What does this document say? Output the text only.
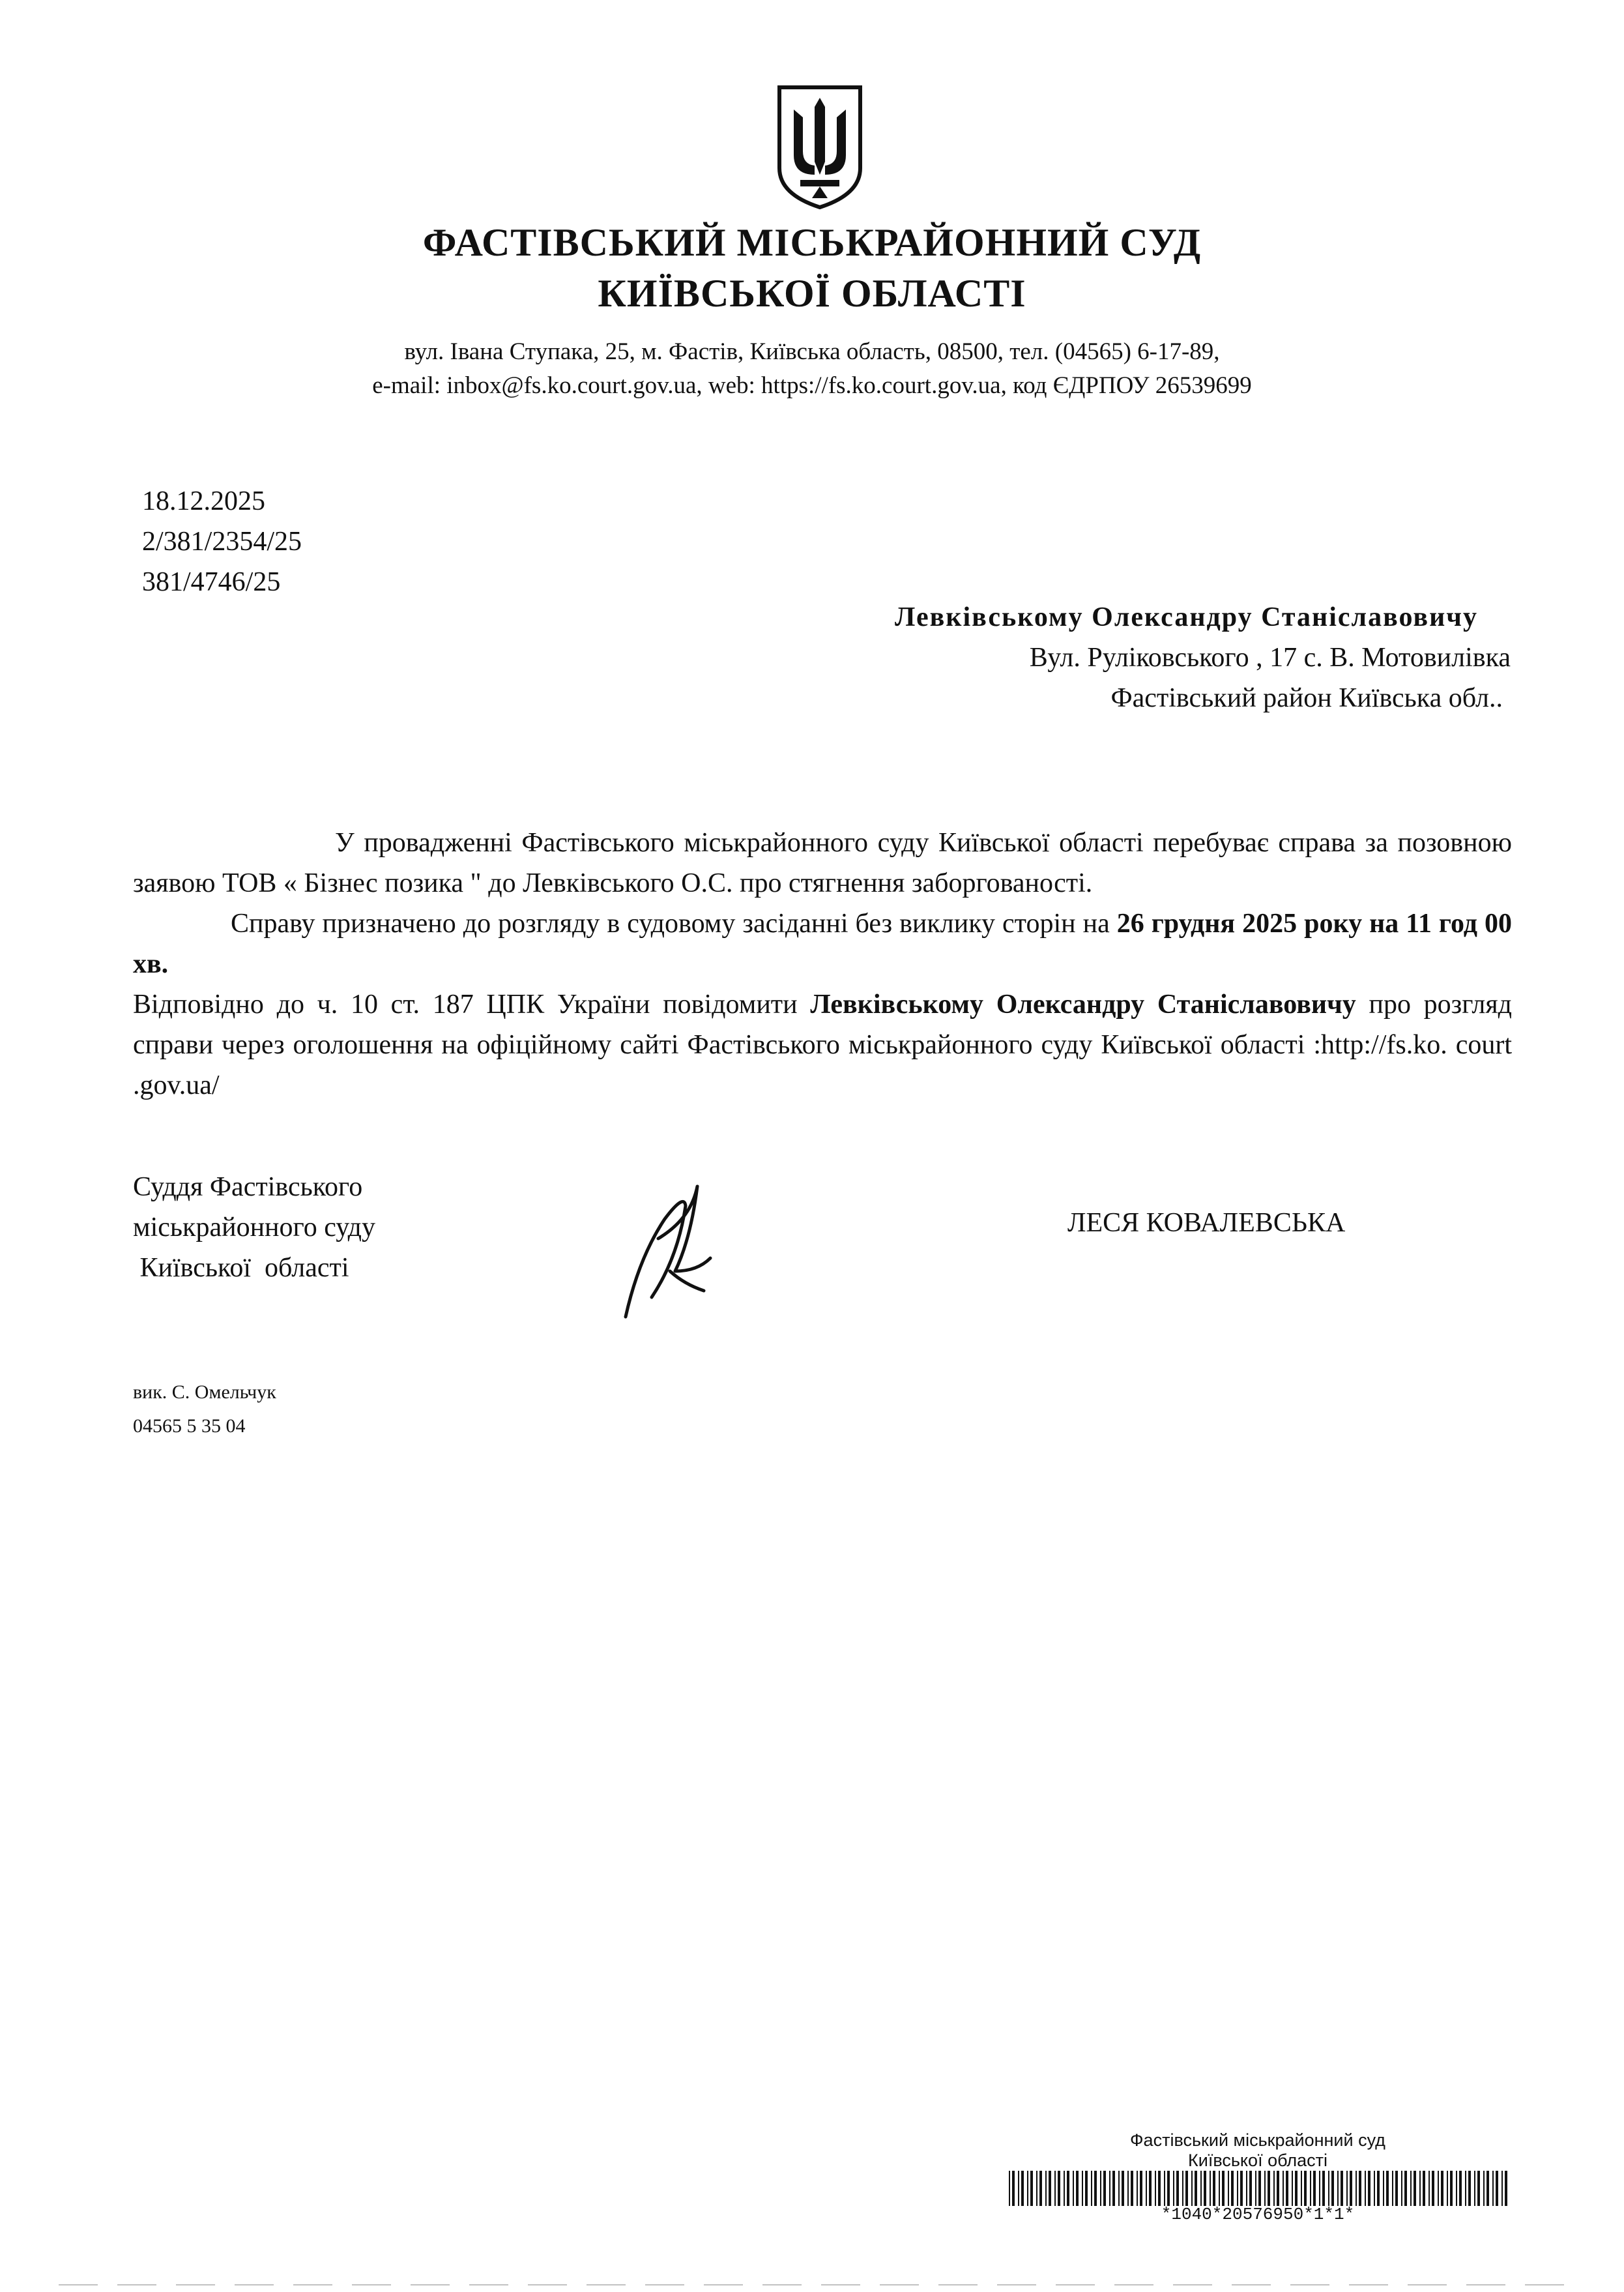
ФАСТІВСЬКИЙ МІСЬКРАЙОННИЙ СУД
КИЇВСЬКОЇ ОБЛАСТІ
вул. Івана Ступака, 25, м. Фастів, Київська область, 08500, тел. (04565) 6-17-89,
e-mail: inbox@fs.ko.court.gov.ua, web: https://fs.ko.court.gov.ua, код ЄДРПОУ 26539699
18.12.2025
2/381/2354/25
381/4746/25
Левківському Олександру Станіславовичу
Вул. Руліковського , 17 с. В. Мотовилівка
Фастівський район Київська обл..

У провадженні Фастівського міськрайонного суду Київської області перебуває справа за позовною заявою ТОВ « Бізнес позика " до Левківського О.С. про стягнення заборгованості.

Справу призначено до розгляду в судовому засіданні без виклику сторін на 26 грудня 2025 року на 11 год 00 хв.

Відповідно до ч. 10 ст. 187 ЦПК України повідомити Левківському Олександру Станіславовичу про розгляд справи через оголошення на офіційному сайті Фастівського міськрайонного суду Київської області :http://fs.ko. court .gov.ua/

Суддя Фастівського
міськрайонного суду
Київської  області
ЛЕСЯ КОВАЛЕВСЬКА
вик. С. Омельчук
04565 5 35 04
Фастівський міськрайонний суд
Київської області
*1040*20576950*1*1*
